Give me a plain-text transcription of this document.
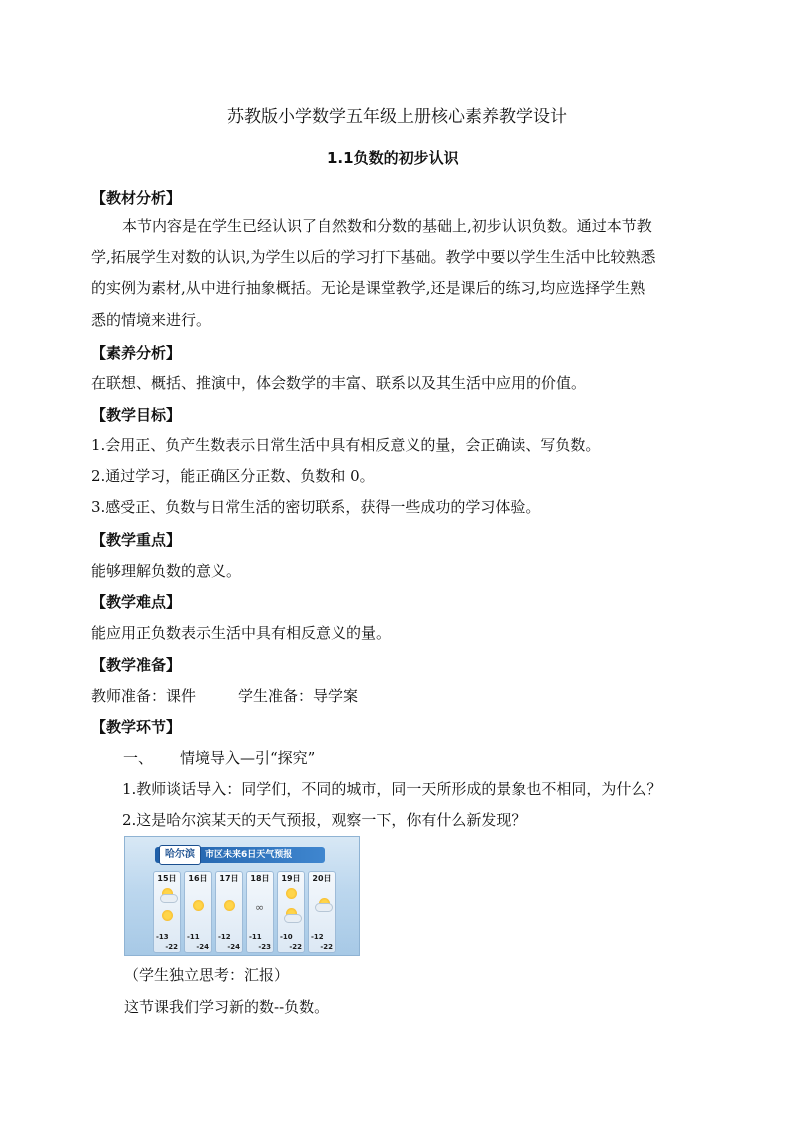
苏教版小学数学五年级上册核心素养教学设计
1.1负数的初步认识
【教材分析】
本节内容是在学生已经认识了自然数和分数的基础上,初步认识负数。通过本节教
学,拓展学生对数的认识,为学生以后的学习打下基础。教学中要以学生生活中比较熟悉
的实例为素材,从中进行抽象概括。无论是课堂教学,还是课后的练习,均应选择学生熟
悉的情境来进行。
【素养分析】
在联想、概括、推演中，体会数学的丰富、联系以及其生活中应用的价值。
【教学目标】
1.会用正、负产生数表示日常生活中具有相反意义的量，会正确读、写负数。
2.通过学习，能正确区分正数、负数和 0。
3.感受正、负数与日常生活的密切联系，获得一些成功的学习体验。
【教学重点】
能够理解负数的意义。
【教学难点】
能应用正负数表示生活中具有相反意义的量。
【教学准备】
教师准备：课件	学生准备：导学案
【教学环节】
一、 情境导入—引“探究”
1.教师谈话导入：同学们，不同的城市，同一天所形成的景象也不相同，为什么？
2.这是哈尔滨某天的天气预报，观察一下，你有什么新发现？
哈尔滨	市区未来6日天气预报
15日
-13
-22
16日
-11
-24
17日
-12
-24
18日
∞
-11
-23
19日
-10
-22
20日
-12
-22
（学生独立思考：汇报）
这节课我们学习新的数--负数。
